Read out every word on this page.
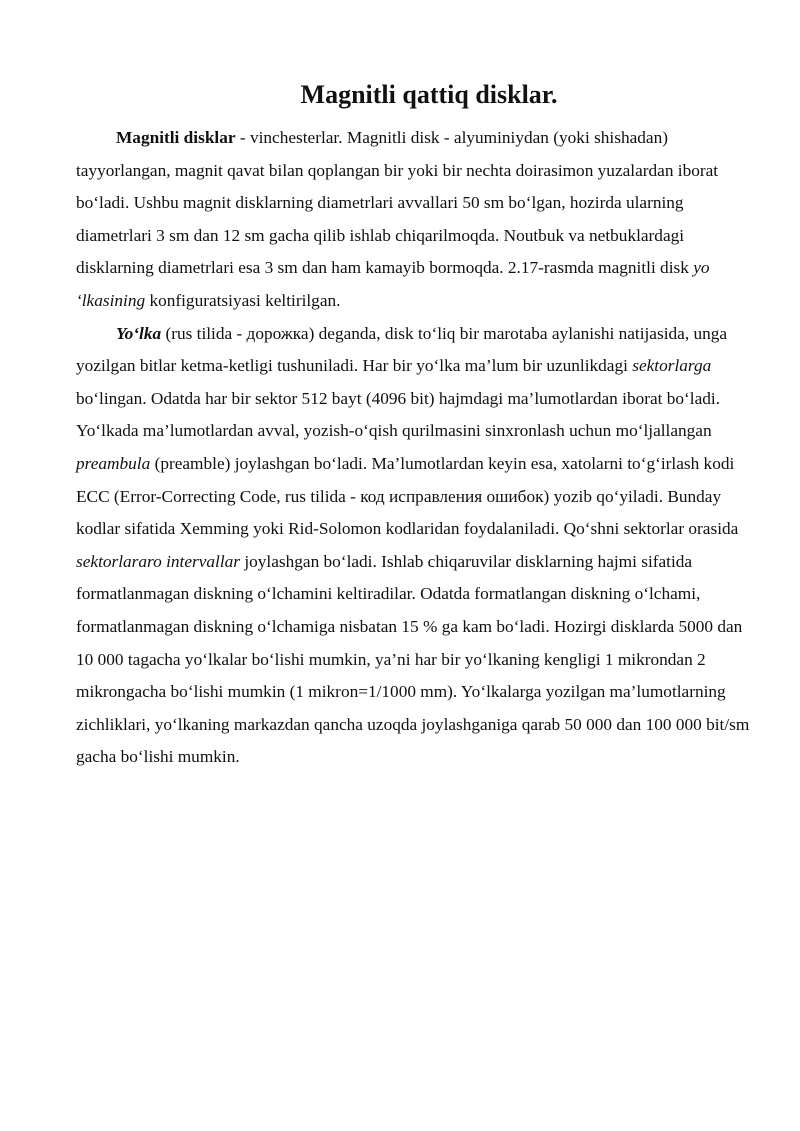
Magnitli qattiq disklar.

Magnitli disklar - vinchesterlar. Magnitli disk - alyuminiydan (yoki shishadan) tayyorlangan, magnit qavat bilan qoplangan bir yoki bir nechta doirasimon yuzalardan iborat bo‘ladi. Ushbu magnit disklarning diametrlari avvallari 50 sm bo‘lgan, hozirda ularning diametrlari 3 sm dan 12 sm gacha qilib ishlab chiqarilmoqda. Noutbuk va netbuklardagi disklarning diametrlari esa 3 sm dan ham kamayib bormoqda. 2.17-rasmda magnitli disk yo ‘lkasining konfiguratsiyasi keltirilgan.

Yo‘lka (rus tilida - дорожка) deganda, disk to‘liq bir marotaba aylanishi natijasida, unga yozilgan bitlar ketma-ketligi tushuniladi. Har bir yo‘lka ma’lum bir uzunlikdagi sektorlarga bo‘lingan. Odatda har bir sektor 512 bayt (4096 bit) hajmdagi ma’lumotlardan iborat bo‘ladi. Yo‘lkada ma’lumotlardan avval, yozish-o‘qish qurilmasini sinxronlash uchun mo‘ljallangan preambula (preamble) joylashgan bo‘ladi. Ma’lumotlardan keyin esa, xatolarni to‘g‘irlash kodi ECC (Error-Correcting Code, rus tilida - код исправления ошибок) yozib qo‘yiladi. Bunday kodlar sifatida Xemming yoki Rid-Solomon kodlaridan foydalaniladi. Qo‘shni sektorlar orasida sektorlararo intervallar joylashgan bo‘ladi. Ishlab chiqaruvilar disklarning hajmi sifatida formatlanmagan diskning o‘lchamini keltiradilar. Odatda formatlangan diskning o‘lchami, formatlanmagan diskning o‘lchamiga nisbatan 15 % ga kam bo‘ladi. Hozirgi disklarda 5000 dan 10 000 tagacha yo‘lkalar bo‘lishi mumkin, ya’ni har bir yo‘lkaning kengligi 1 mikrondan 2 mikrongacha bo‘lishi mumkin (1 mikron=1/1000 mm). Yo‘lkalarga yozilgan ma’lumotlarning zichliklari, yo‘lkaning markazdan qancha uzoqda joylashganiga qarab 50 000 dan 100 000 bit/sm gacha bo‘lishi mumkin.
